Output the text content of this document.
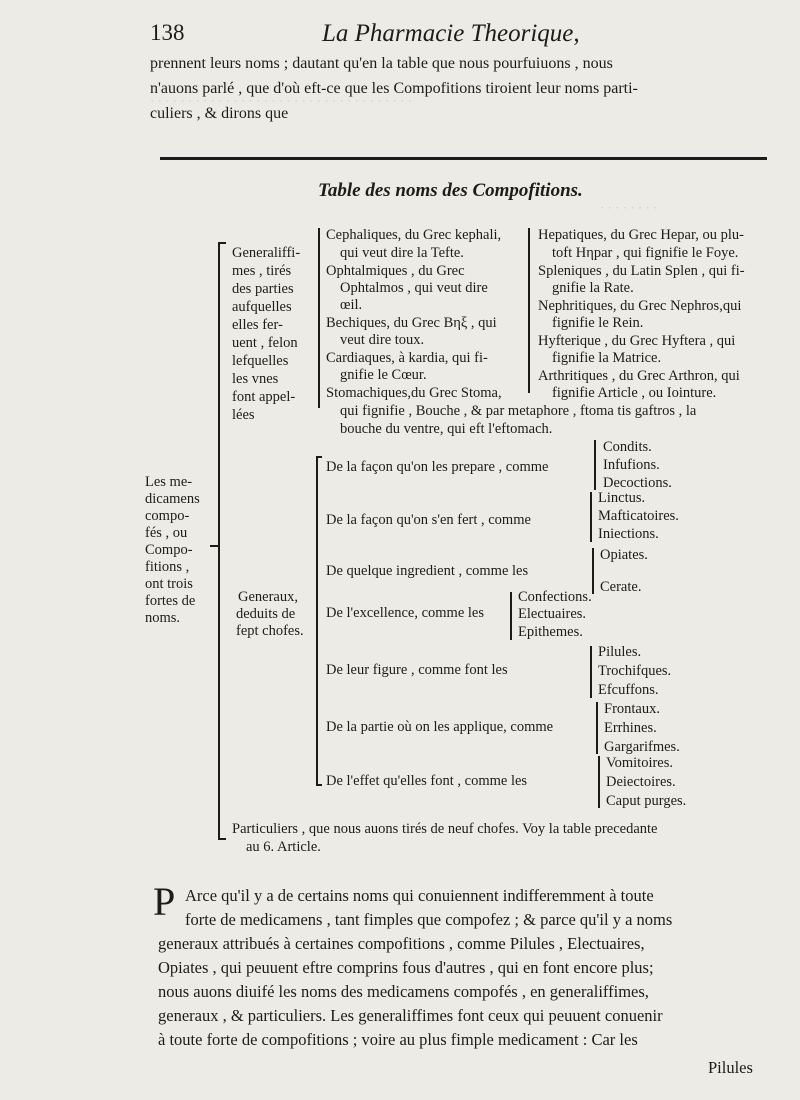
· · · · · · · · · · · · · · · · · · · · · · · · · · · · · · · · · · ·
· · · · · · · ·
138	La Pharmacie Theorique,
prennent leurs noms ; dautant qu'en la table que nous pourfuiuons , nous
n'auons parlé , que d'où eft-ce que les Compofitions tiroient leur noms parti-
culiers , & dirons que
Table des noms des Compofitions.
Les me-
dicamens
compo-
fés , ou
Compo-
fitions ,
ont trois
fortes de
noms.
Generaliffi-
mes , tirés
des parties
aufquelles
elles fer-
uent , felon
lefquelles
les vnes
font appel-
lées
Cephaliques, du Grec kephali,
qui veut dire la Tefte.
Ophtalmiques , du Grec
Ophtalmos , qui veut dire
œil.
Bechiques, du Grec Bηξ , qui
veut dire toux.
Cardiaques, à kardia, qui fi-
gnifie le Cœur.
Stomachiques,du Grec Stoma,
Hepatiques, du Grec Hepar, ou plu-
toft Hηpar , qui fignifie le Foye.
Spleniques , du Latin Splen , qui fi-
gnifie la Rate.
Nephritiques, du Grec Nephros,qui
fignifie le Rein.
Hyfterique , du Grec Hyftera , qui
fignifie la Matrice.
Arthritiques , du Grec Arthron, qui
fignifie Article , ou Iointure.
qui fignifie , Bouche , & par metaphore , ftoma tis gaftros , la
bouche du ventre, qui eft l'eftomach.
Generaux,
deduits de
fept chofes.
De la façon qu'on les prepare , comme
Condits.
Infufions.
Decoctions.
De la façon qu'on s'en fert , comme
Linctus.
Mafticatoires.
Iniections.
De quelque ingredient , comme les
Opiates.
Cerate.
De l'excellence, comme les
Confections.
Electuaires.
Epithemes.
De leur figure , comme font les
Pilules.
Trochifques.
Efcuffons.
De la partie où on les applique, comme
Frontaux.
Errhines.
Gargarifmes.
De l'effet qu'elles font , comme les
Vomitoires.
Deiectoires.
Caput purges.
Particuliers , que nous auons tirés de neuf chofes. Voy la table precedante
au 6. Article.
P Arce qu'il y a de certains noms qui conuiennent indifferemment à toute
forte de medicamens , tant fimples que compofez ; & parce qu'il y a noms
generaux attribués à certaines compofitions , comme Pilules , Electuaires,
Opiates , qui peuuent eftre comprins fous d'autres , qui en font encore plus;
nous auons diuifé les noms des medicamens compofés , en generaliffimes,
generaux , & particuliers. Les generaliffimes font ceux qui peuuent conuenir
à toute forte de compofitions ; voire au plus fimple medicament : Car les
Pilules
